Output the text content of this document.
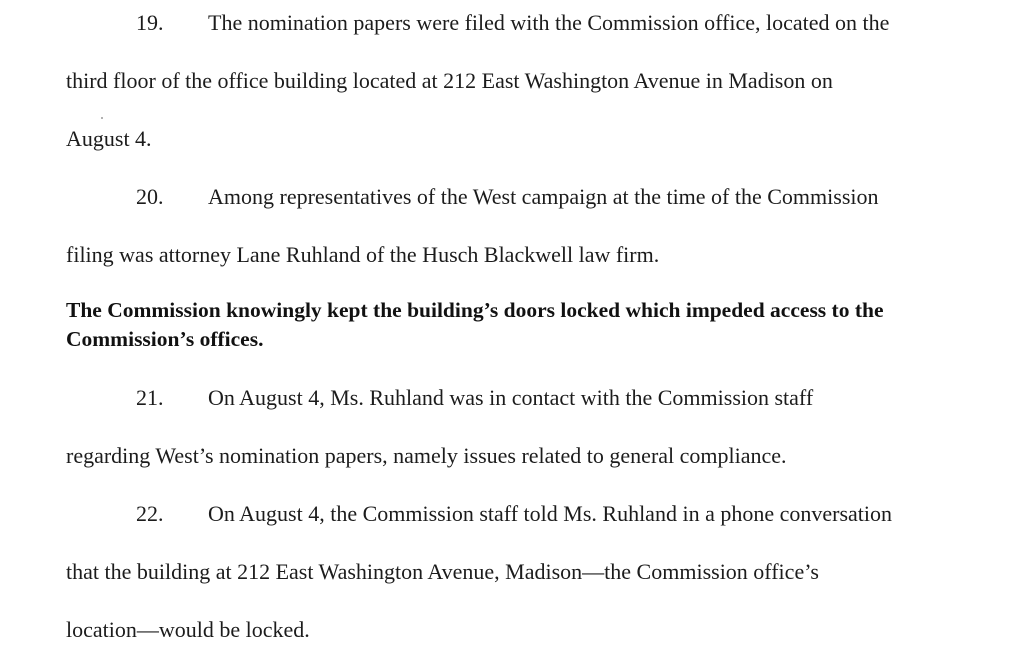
19. The nomination papers were filed with the Commission office, located on the
third floor of the office building located at 212 East Washington Avenue in Madison on
August 4.
20. Among representatives of the West campaign at the time of the Commission
filing was attorney Lane Ruhland of the Husch Blackwell law firm.
The Commission knowingly kept the building’s doors locked which impeded access to the Commission’s offices.
21. On August 4, Ms. Ruhland was in contact with the Commission staff
regarding West’s nomination papers, namely issues related to general compliance.
22. On August 4, the Commission staff told Ms. Ruhland in a phone conversation
that the building at 212 East Washington Avenue, Madison—the Commission office’s
location—would be locked.
